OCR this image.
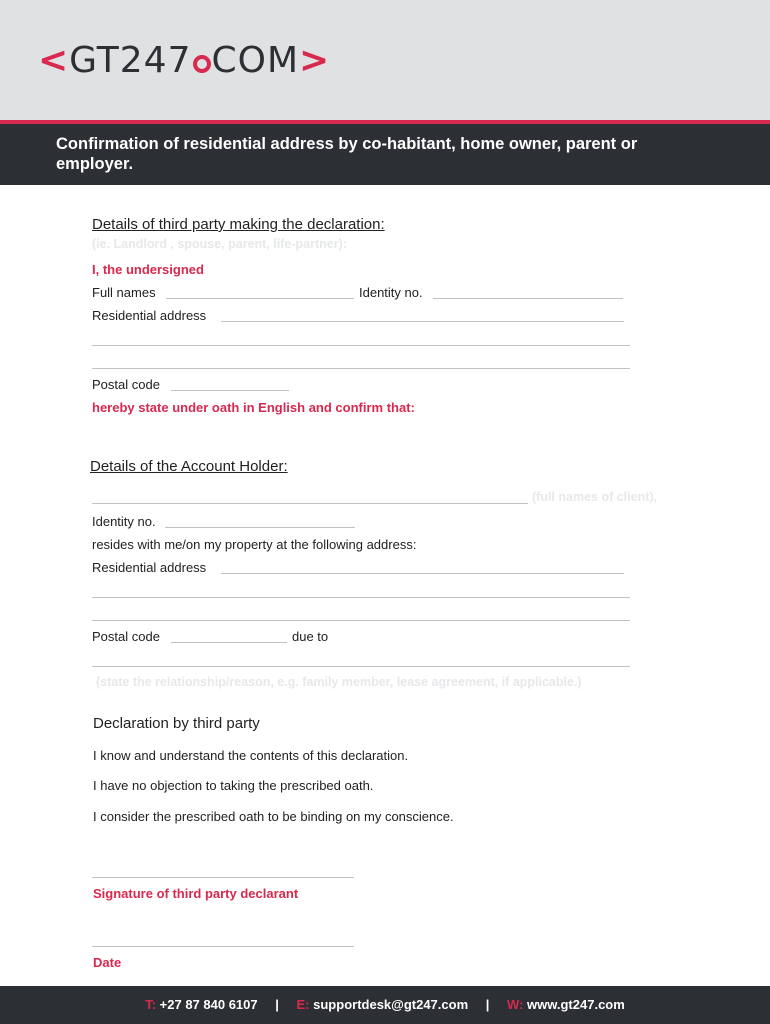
<GT247 COM>
Confirmation of residential address by co-habitant, home owner, parent or employer.
Details of third party making the declaration:
(ie. Landlord , spouse, parent, life-partner):
I, the undersigned
Full names	Identity no.
Residential address
Postal code
hereby state under oath in English and confirm that:
Details of the Account Holder:
(full names of client),
Identity no.
resides with me/on my property at the following address:
Residential address
Postal code	due to
(state the relationship/reason, e.g. family member, lease agreement, if applicable.)
Declaration by third party
I know and understand the contents of this declaration.
I have no objection to taking the prescribed oath.
I consider the prescribed oath to be binding on my conscience.
Signature of third party declarant
Date
T: +27 87 840 6107 | E: supportdesk@gt247.com | W: www.gt247.com
